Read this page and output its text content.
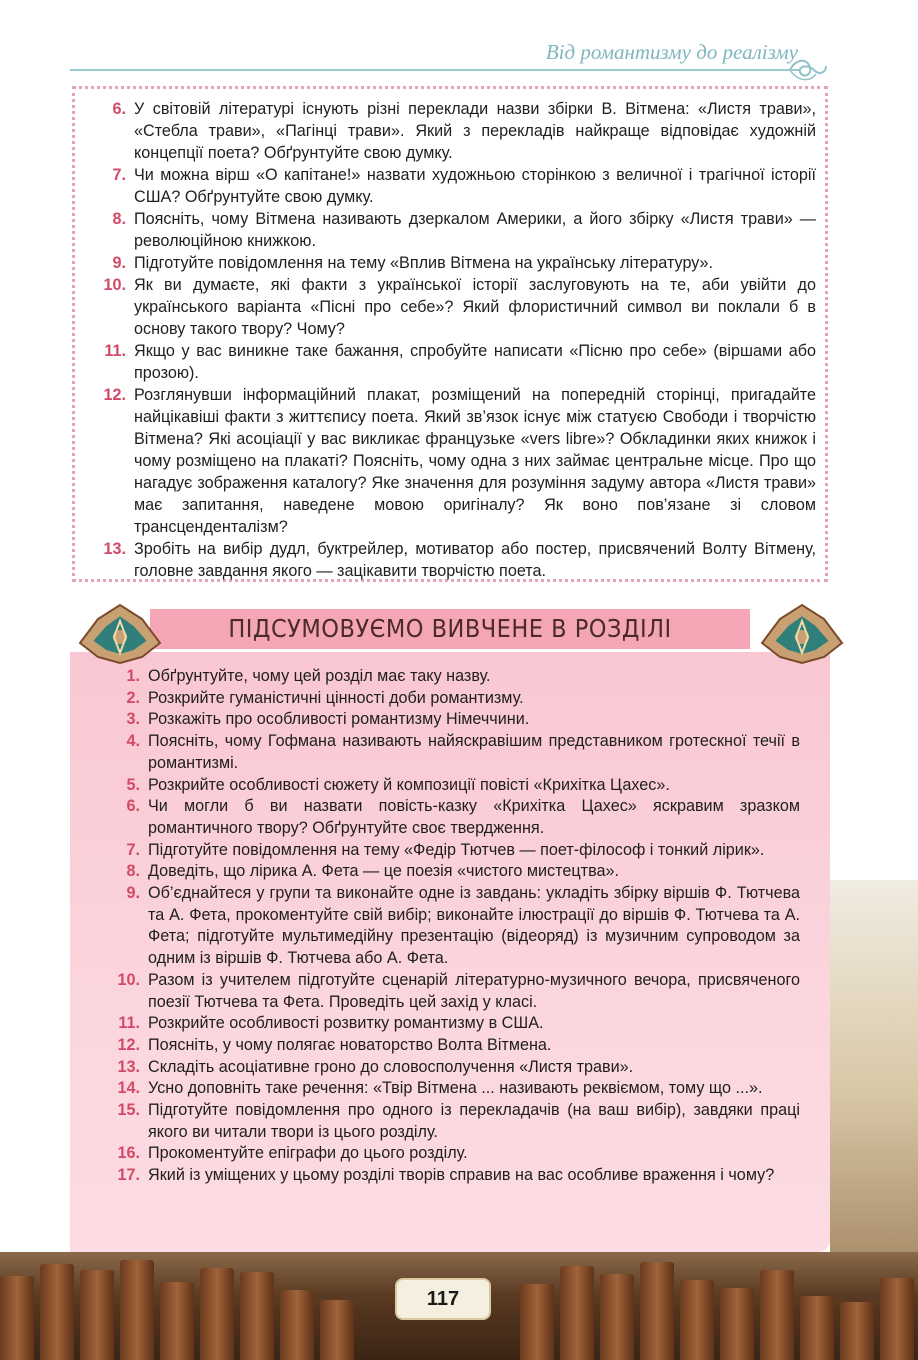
Від романтизму до реалізму
6. У світовій літературі існують різні переклади назви збірки В. Вітмена: «Листя трави», «Стебла трави», «Пагінці трави». Який з перекладів найкраще відповідає художній концепції поета? Обґрунтуйте свою думку.
7. Чи можна вірш «О капітане!» назвати художньою сторінкою з величної і трагічної історії США? Обґрунтуйте свою думку.
8. Поясніть, чому Вітмена називають дзеркалом Америки, а його збірку «Листя трави» — революційною книжкою.
9. Підготуйте повідомлення на тему «Вплив Вітмена на українську літературу».
10. Як ви думаєте, які факти з української історії заслуговують на те, аби увійти до українського варіанта «Пісні про себе»? Який флористичний символ ви поклали б в основу такого твору? Чому?
11. Якщо у вас виникне таке бажання, спробуйте написати «Пісню про себе» (віршами або прозою).
12. Розглянувши інформаційний плакат, розміщений на попередній сторінці, пригадайте найцікавіші факти з життєпису поета. Який зв’язок існує між статуєю Свободи і творчістю Вітмена? Які асоціації у вас викликає французьке «vers libre»? Обкладинки яких книжок і чому розміщено на плакаті? Поясніть, чому одна з них займає центральне місце. Про що нагадує зображення каталогу? Яке значення для розуміння задуму автора «Листя трави» має запитання, наведене мовою оригіналу? Як воно пов’язане зі словом трансценденталізм?
13. Зробіть на вибір дудл, буктрейлер, мотиватор або постер, присвячений Волту Вітмену, головне завдання якого — зацікавити творчістю поета.
ПІДСУМОВУЄМО ВИВЧЕНЕ В РОЗДІЛІ
1. Обґрунтуйте, чому цей розділ має таку назву.
2. Розкрийте гуманістичні цінності доби романтизму.
3. Розкажіть про особливості романтизму Німеччини.
4. Поясніть, чому Гофмана називають найяскравішим представником гротескної течії в романтизмі.
5. Розкрийте особливості сюжету й композиції повісті «Крихітка Цахес».
6. Чи могли б ви назвати повість-казку «Крихітка Цахес» яскравим зразком романтичного твору? Обґрунтуйте своє твердження.
7. Підготуйте повідомлення на тему «Федір Тютчев — поет-філософ і тонкий лірик».
8. Доведіть, що лірика А. Фета — це поезія «чистого мистецтва».
9. Об’єднайтеся у групи та виконайте одне із завдань: укладіть збірку віршів Ф. Тютчева та А. Фета, прокоментуйте свій вибір; виконайте ілюстрації до віршів Ф. Тютчева та А. Фета; підготуйте мультимедійну презентацію (відеоряд) із музичним супроводом за одним із віршів Ф. Тютчева або А. Фета.
10. Разом із учителем підготуйте сценарій літературно-музичного вечора, присвяченого поезії Тютчева та Фета. Проведіть цей захід у класі.
11. Розкрийте особливості розвитку романтизму в США.
12. Поясніть, у чому полягає новаторство Волта Вітмена.
13. Складіть асоціативне гроно до словосполучення «Листя трави».
14. Усно доповніть таке речення: «Твір Вітмена ... називають реквіємом, тому що ...».
15. Підготуйте повідомлення про одного із перекладачів (на ваш вибір), завдяки праці якого ви читали твори із цього розділу.
16. Прокоментуйте епіграфи до цього розділу.
17. Який із уміщених у цьому розділі творів справив на вас особливе враження і чому?
117
